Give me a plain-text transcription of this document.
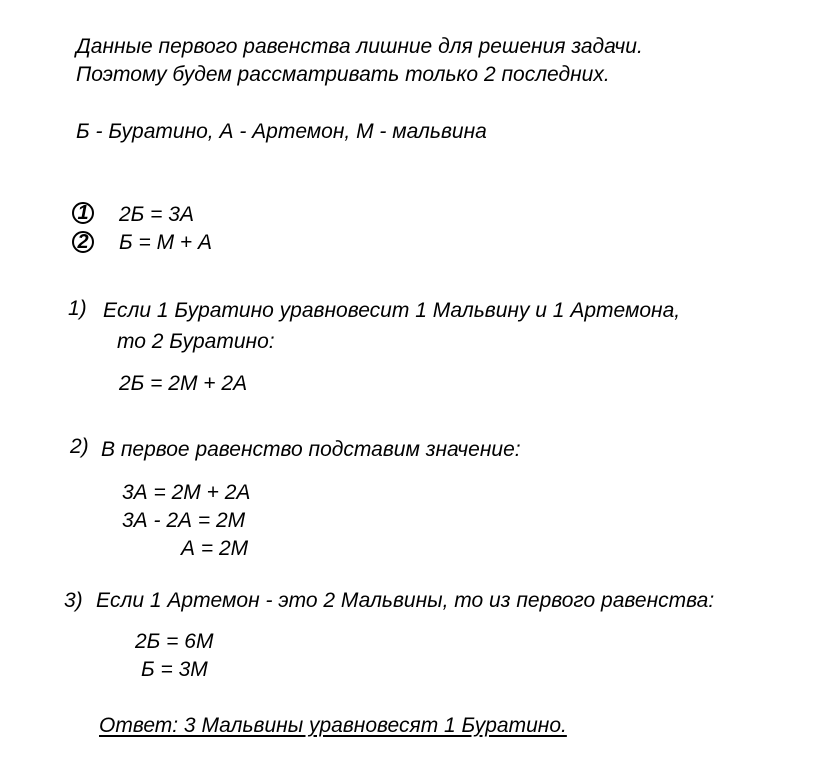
Данные первого равенства лишние для решения задачи.
Поэтому будем рассматривать только 2 последних.
Б - Буратино, А - Артемон, М - мальвина
1 2Б = 3А
2 Б = М + А
1) Если 1 Буратино уравновесит 1 Мальвину и 1 Артемона,
то 2 Буратино:
2Б = 2М + 2А
2) В первое равенство подставим значение:
3А = 2М + 2А
3А - 2А = 2М
А = 2М
3) Если 1 Артемон - это 2 Мальвины, то из первого равенства:
2Б = 6М
Б = 3М
Ответ: 3 Мальвины уравновесят 1 Буратино.
